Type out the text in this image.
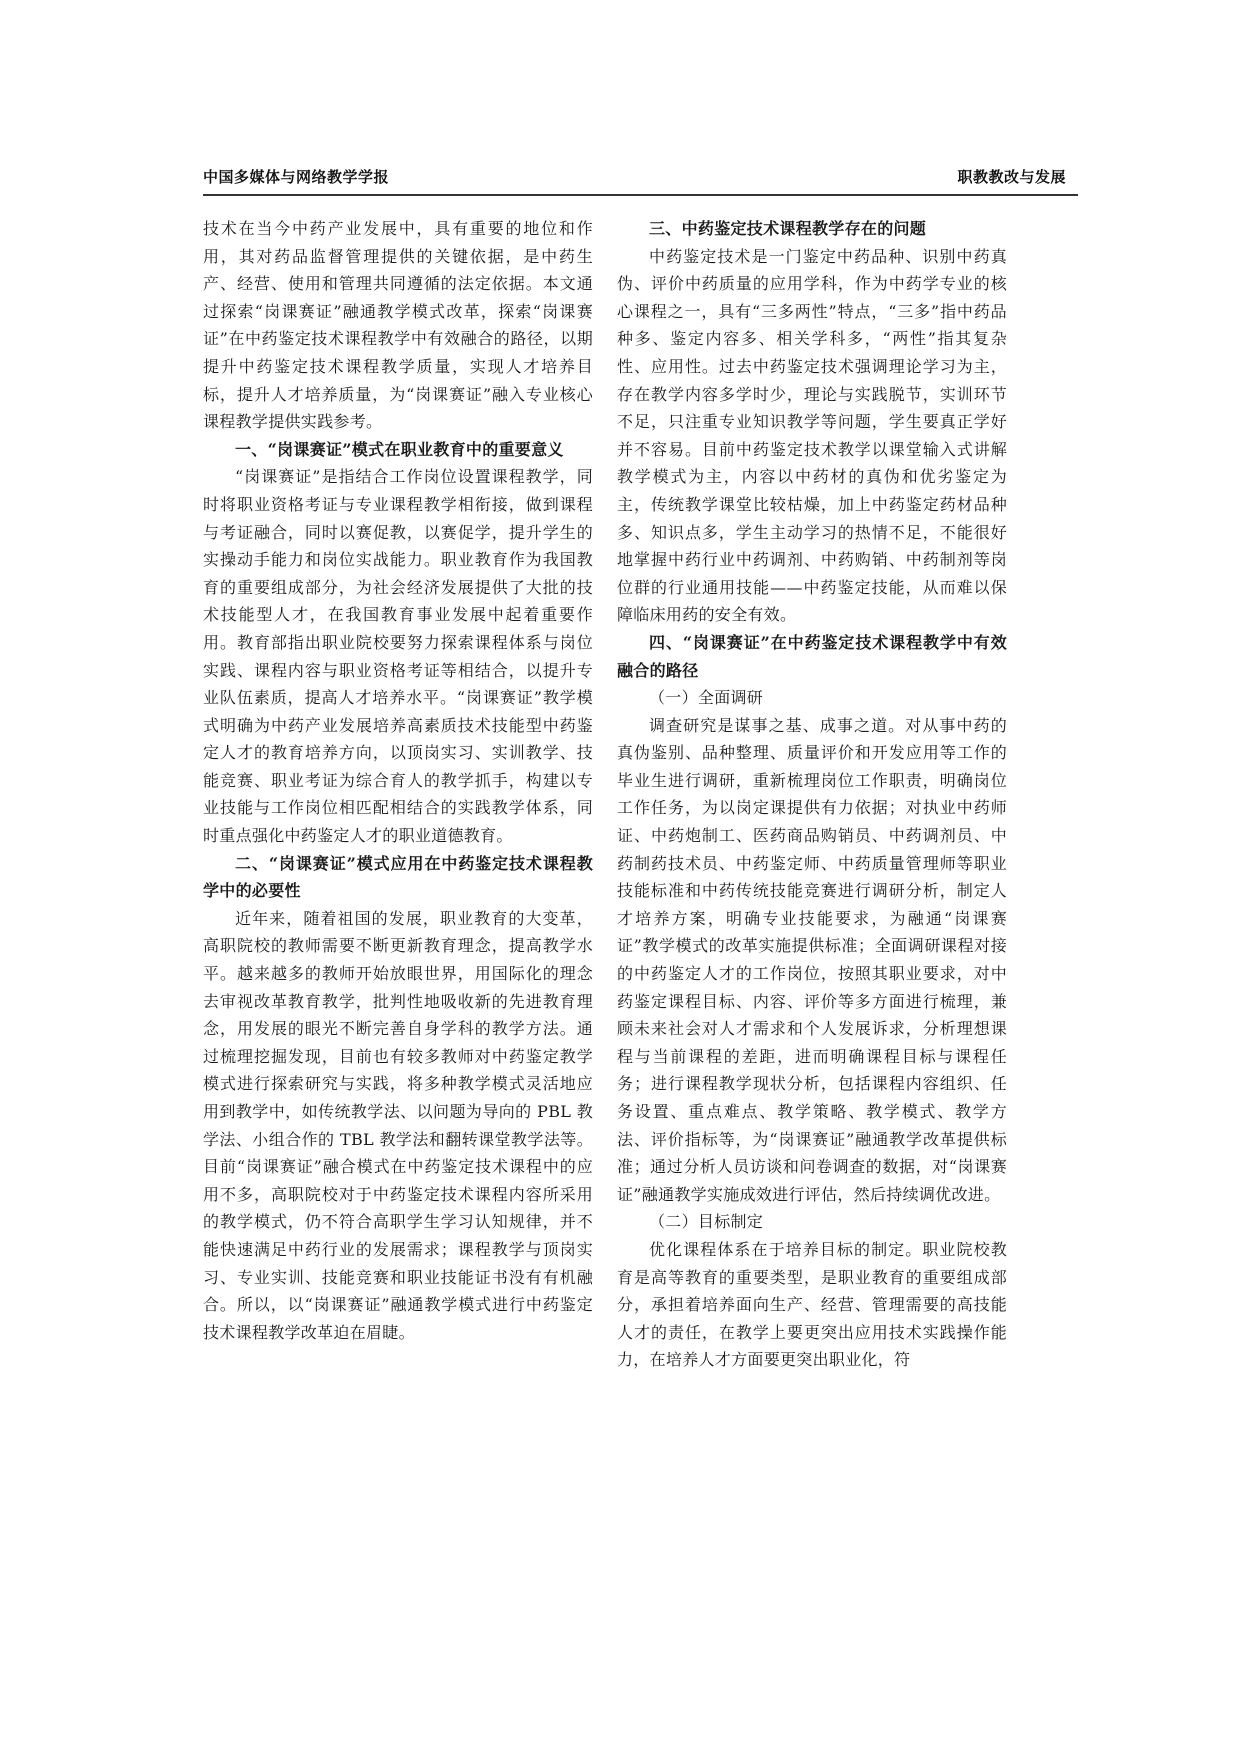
中国多媒体与网络教学学报	职教教改与发展

技术在当今中药产业发展中，具有重要的地位和作用，其对药品监督管理提供的关键依据，是中药生产、经营、使用和管理共同遵循的法定依据。本文通过探索“岗课赛证”融通教学模式改革，探索“岗课赛证”在中药鉴定技术课程教学中有效融合的路径，以期提升中药鉴定技术课程教学质量，实现人才培养目标，提升人才培养质量，为“岗课赛证”融入专业核心课程教学提供实践参考。

一、“岗课赛证”模式在职业教育中的重要意义

“岗课赛证”是指结合工作岗位设置课程教学，同时将职业资格考证与专业课程教学相衔接，做到课程与考证融合，同时以赛促教，以赛促学，提升学生的实操动手能力和岗位实战能力。职业教育作为我国教育的重要组成部分，为社会经济发展提供了大批的技术技能型人才，在我国教育事业发展中起着重要作用。教育部指出职业院校要努力探索课程体系与岗位实践、课程内容与职业资格考证等相结合，以提升专业队伍素质，提高人才培养水平。“岗课赛证”教学模式明确为中药产业发展培养高素质技术技能型中药鉴定人才的教育培养方向，以顶岗实习、实训教学、技能竞赛、职业考证为综合育人的教学抓手，构建以专业技能与工作岗位相匹配相结合的实践教学体系，同时重点强化中药鉴定人才的职业道德教育。

二、“岗课赛证”模式应用在中药鉴定技术课程教学中的必要性

近年来，随着祖国的发展，职业教育的大变革，高职院校的教师需要不断更新教育理念，提高教学水平。越来越多的教师开始放眼世界，用国际化的理念去审视改革教育教学，批判性地吸收新的先进教育理念，用发展的眼光不断完善自身学科的教学方法。通过梳理挖掘发现，目前也有较多教师对中药鉴定教学模式进行探索研究与实践，将多种教学模式灵活地应用到教学中，如传统教学法、以问题为导向的 PBL 教学法、小组合作的 TBL 教学法和翻转课堂教学法等。目前“岗课赛证”融合模式在中药鉴定技术课程中的应用不多，高职院校对于中药鉴定技术课程内容所采用的教学模式，仍不符合高职学生学习认知规律，并不能快速满足中药行业的发展需求；课程教学与顶岗实习、专业实训、技能竞赛和职业技能证书没有有机融合。所以，以“岗课赛证”融通教学模式进行中药鉴定技术课程教学改革迫在眉睫。

三、中药鉴定技术课程教学存在的问题

中药鉴定技术是一门鉴定中药品种、识别中药真伪、评价中药质量的应用学科，作为中药学专业的核心课程之一，具有“三多两性”特点，“三多”指中药品种多、鉴定内容多、相关学科多，“两性”指其复杂性、应用性。过去中药鉴定技术强调理论学习为主，存在教学内容多学时少，理论与实践脱节，实训环节不足，只注重专业知识教学等问题，学生要真正学好并不容易。目前中药鉴定技术教学以课堂输入式讲解教学模式为主，内容以中药材的真伪和优劣鉴定为主，传统教学课堂比较枯燥，加上中药鉴定药材品种多、知识点多，学生主动学习的热情不足，不能很好地掌握中药行业中药调剂、中药购销、中药制剂等岗位群的行业通用技能——中药鉴定技能，从而难以保障临床用药的安全有效。

四、“岗课赛证”在中药鉴定技术课程教学中有效融合的路径

（一）全面调研

调查研究是谋事之基、成事之道。对从事中药的真伪鉴别、品种整理、质量评价和开发应用等工作的毕业生进行调研，重新梳理岗位工作职责，明确岗位工作任务，为以岗定课提供有力依据；对执业中药师证、中药炮制工、医药商品购销员、中药调剂员、中药制药技术员、中药鉴定师、中药质量管理师等职业技能标准和中药传统技能竞赛进行调研分析，制定人才培养方案，明确专业技能要求，为融通“岗课赛证”教学模式的改革实施提供标准；全面调研课程对接的中药鉴定人才的工作岗位，按照其职业要求，对中药鉴定课程目标、内容、评价等多方面进行梳理，兼顾未来社会对人才需求和个人发展诉求，分析理想课程与当前课程的差距，进而明确课程目标与课程任务；进行课程教学现状分析，包括课程内容组织、任务设置、重点难点、教学策略、教学模式、教学方法、评价指标等，为“岗课赛证”融通教学改革提供标准；通过分析人员访谈和问卷调查的数据，对“岗课赛证”融通教学实施成效进行评估，然后持续调优改进。

（二）目标制定

优化课程体系在于培养目标的制定。职业院校教育是高等教育的重要类型，是职业教育的重要组成部分，承担着培养面向生产、经营、管理需要的高技能人才的责任，在教学上要更突出应用技术实践操作能力，在培养人才方面要更突出职业化，符
